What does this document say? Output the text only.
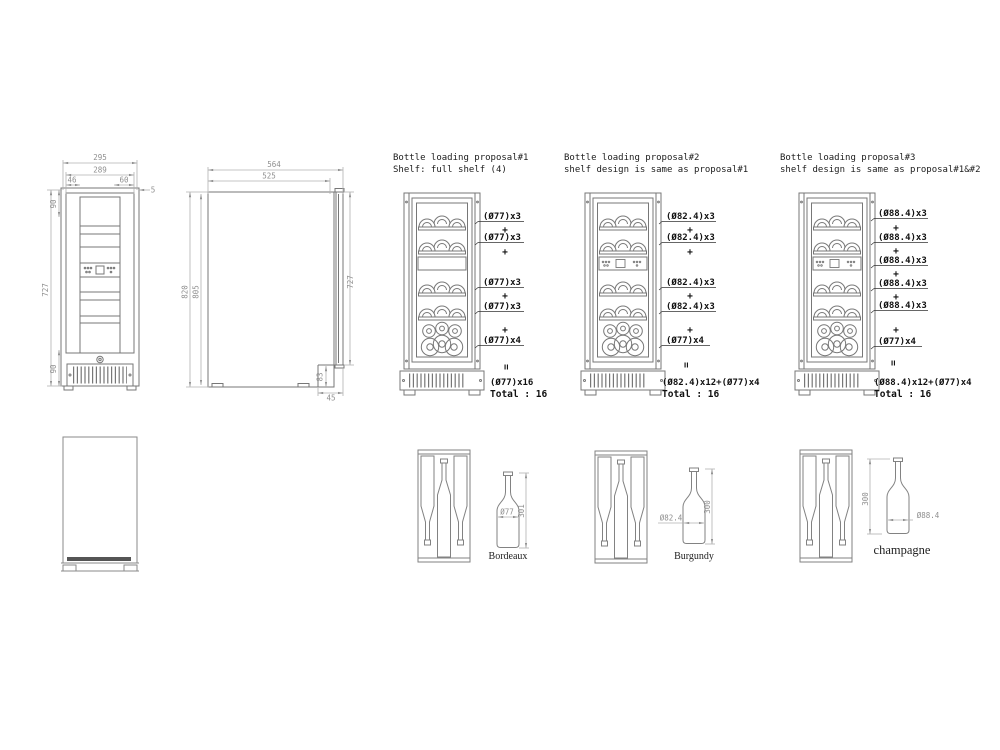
295
289
46	60
5
727
90
90
564
525
820 805
727
83
45
Bottle loading proposal#1
Shelf: full shelf (4)
(Ø77)x3
+
(Ø77)x3
+
(Ø77)x3
+
(Ø77)x3
+
(Ø77)x4
=
(Ø77)x16
Total : 16
Bottle loading proposal#2
shelf design is same as proposal#1
(Ø82.4)x3
+
(Ø82.4)x3
+
(Ø82.4)x3
+
(Ø82.4)x3
+
(Ø77)x4
=
(Ø82.4)x12+(Ø77)x4
Total : 16
Bottle loading proposal#3
shelf design is same as proposal#1&#2
(Ø88.4)x3
+
(Ø88.4)x3
+
(Ø88.4)x3
+
(Ø88.4)x3
+
(Ø88.4)x3
+
(Ø77)x4
=
(Ø88.4)x12+(Ø77)x4
Total : 16
Ø77 301
Bordeaux
Ø82.4
300
Burgundy
300
Ø88.4
champagne
